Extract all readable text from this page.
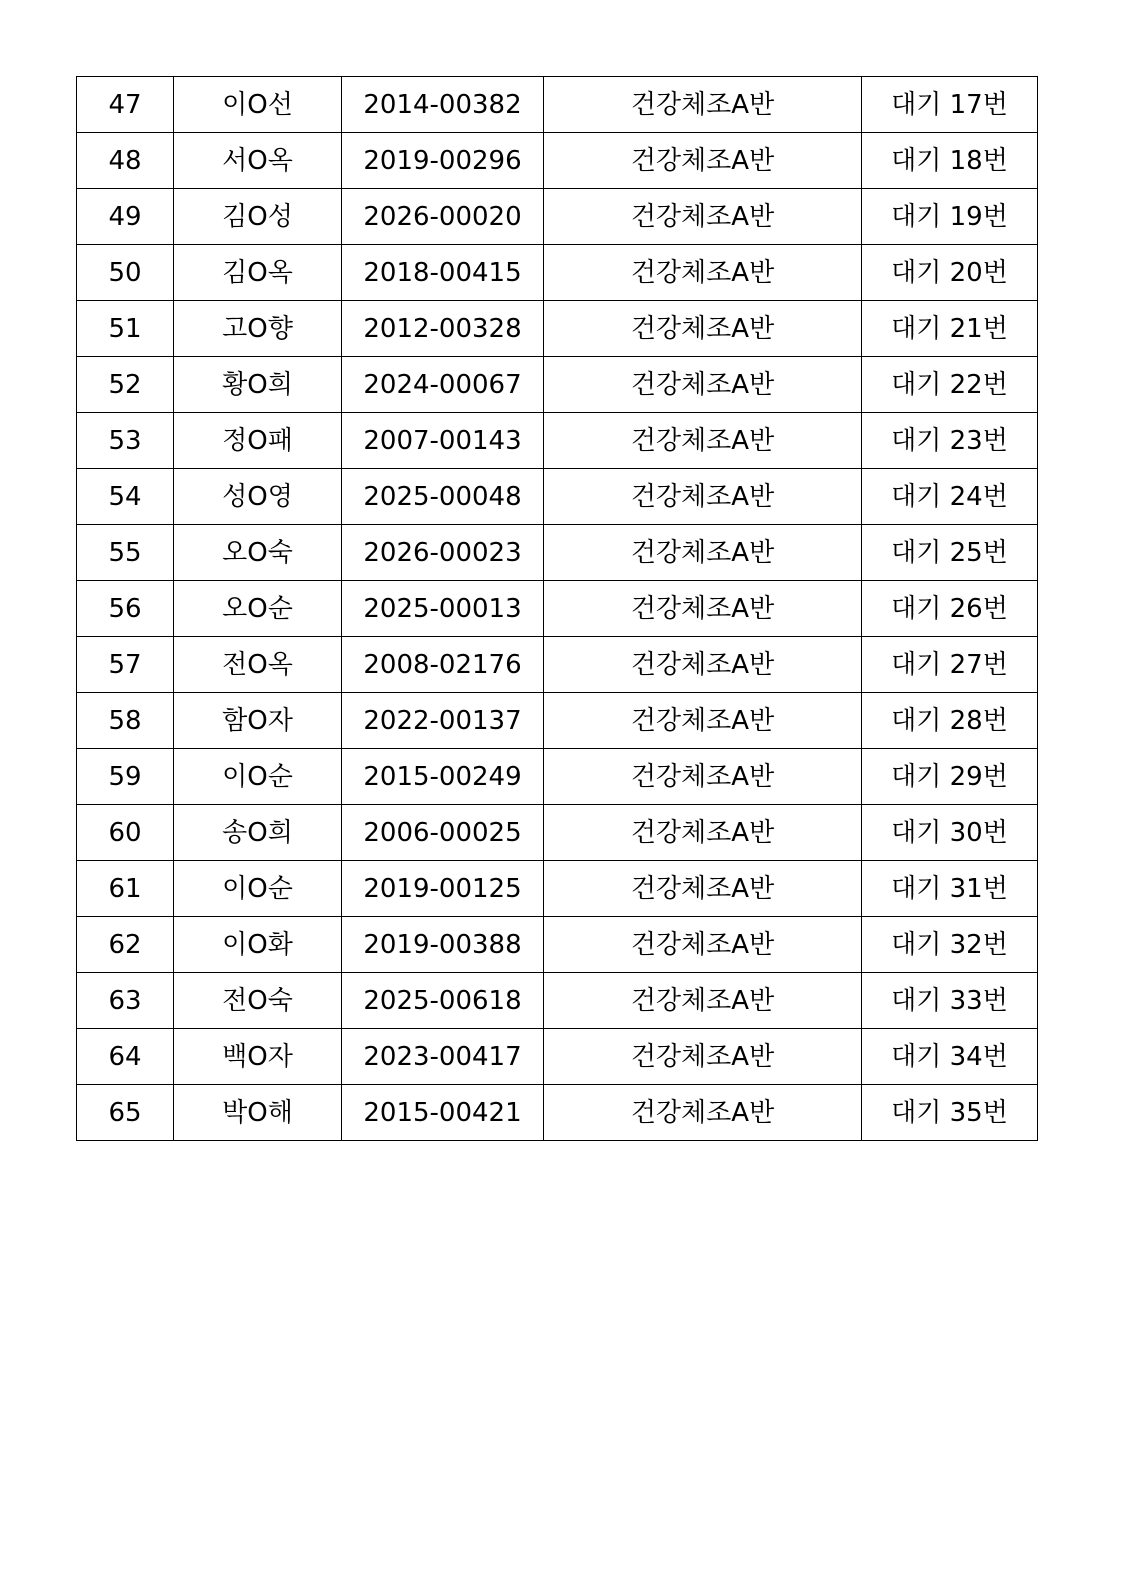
47	이O선	2014-00382	건강체조A반	대기 17번
48	서O옥	2019-00296	건강체조A반	대기 18번
49	김O성	2026-00020	건강체조A반	대기 19번
50	김O옥	2018-00415	건강체조A반	대기 20번
51	고O향	2012-00328	건강체조A반	대기 21번
52	황O희	2024-00067	건강체조A반	대기 22번
53	정O패	2007-00143	건강체조A반	대기 23번
54	성O영	2025-00048	건강체조A반	대기 24번
55	오O숙	2026-00023	건강체조A반	대기 25번
56	오O순	2025-00013	건강체조A반	대기 26번
57	전O옥	2008-02176	건강체조A반	대기 27번
58	함O자	2022-00137	건강체조A반	대기 28번
59	이O순	2015-00249	건강체조A반	대기 29번
60	송O희	2006-00025	건강체조A반	대기 30번
61	이O순	2019-00125	건강체조A반	대기 31번
62	이O화	2019-00388	건강체조A반	대기 32번
63	전O숙	2025-00618	건강체조A반	대기 33번
64	백O자	2023-00417	건강체조A반	대기 34번
65	박O해	2015-00421	건강체조A반	대기 35번
